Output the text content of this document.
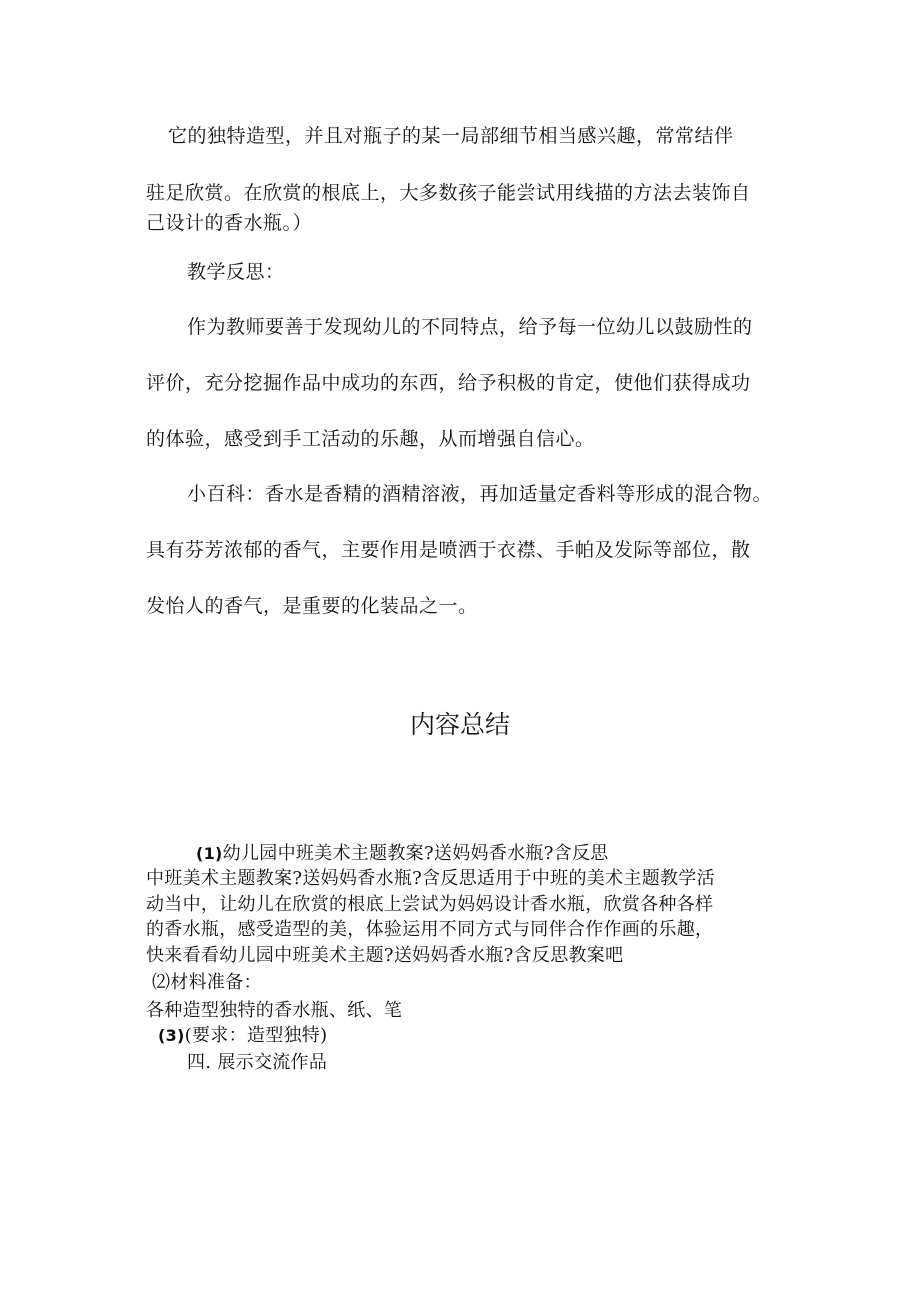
它的独特造型，并且对瓶子的某一局部细节相当感兴趣，常常结伴
驻足欣赏。在欣赏的根底上，大多数孩子能尝试用线描的方法去装饰自
己设计的香水瓶。）
教学反思：
作为教师要善于发现幼儿的不同特点，给予每一位幼儿以鼓励性的
评价，充分挖掘作品中成功的东西，给予积极的肯定，使他们获得成功
的体验，感受到手工活动的乐趣，从而增强自信心。
小百科：香水是香精的酒精溶液，再加适量定香料等形成的混合物。
具有芬芳浓郁的香气，主要作用是喷洒于衣襟、手帕及发际等部位，散
发怡人的香气，是重要的化装品之一。
内容总结
(1)幼儿园中班美术主题教案?送妈妈香水瓶?含反思
中班美术主题教案?送妈妈香水瓶?含反思适用于中班的美术主题教学活
动当中，让幼儿在欣赏的根底上尝试为妈妈设计香水瓶，欣赏各种各样
的香水瓶，感受造型的美，体验运用不同方式与同伴合作作画的乐趣，
快来看看幼儿园中班美术主题?送妈妈香水瓶?含反思教案吧
⑵材料准备：
各种造型独特的香水瓶、纸、笔
(3)(要求：造型独特)
四. 展示交流作品
